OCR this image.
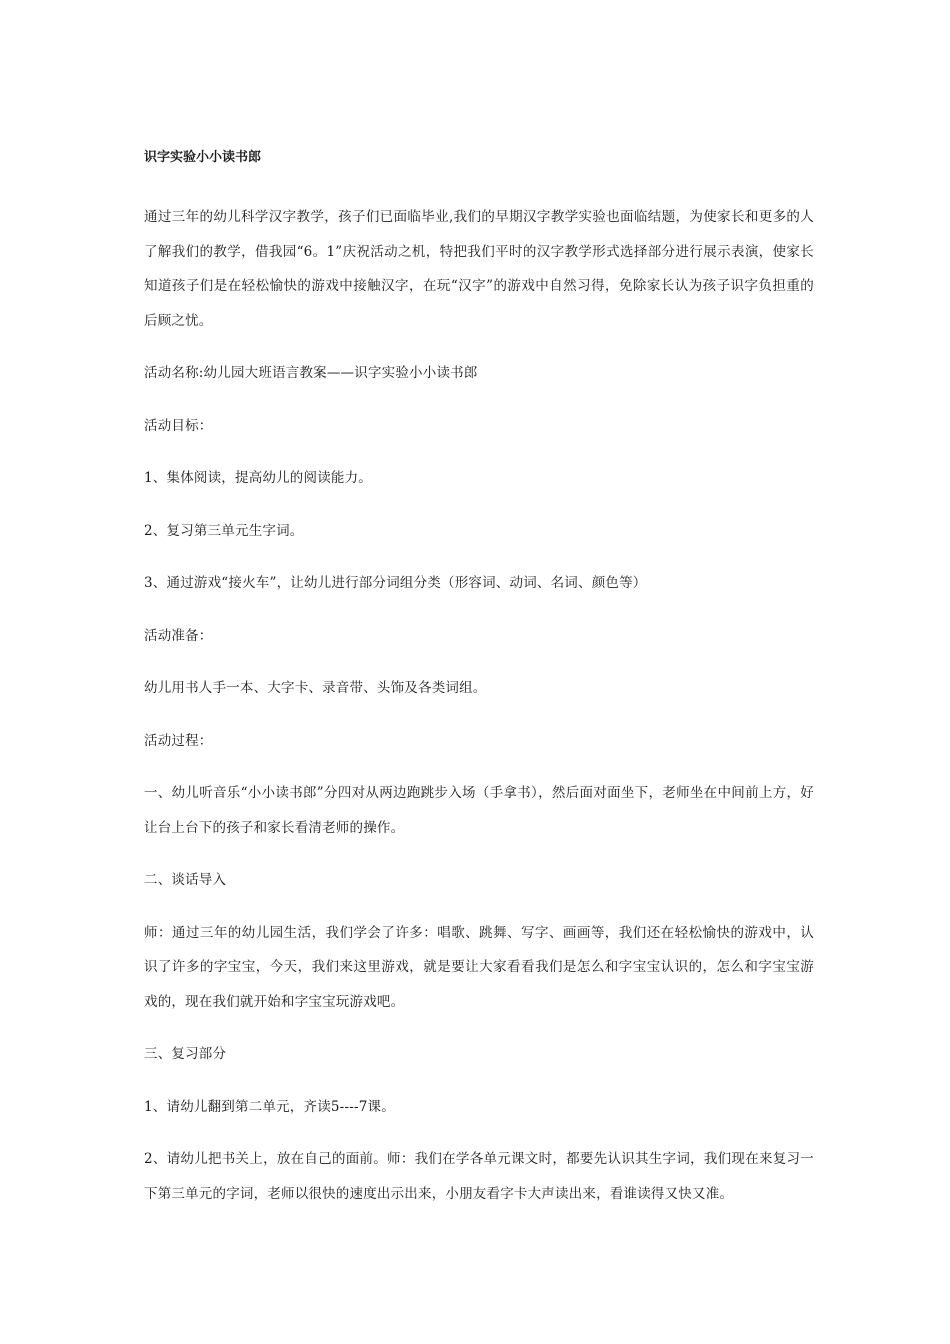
识字实验小小读书郎

通过三年的幼儿科学汉字教学，孩子们已面临毕业,我们的早期汉字教学实验也面临结题，为使家长和更多的人了解我们的教学，借我园“6。1”庆祝活动之机，特把我们平时的汉字教学形式选择部分进行展示表演，使家长知道孩子们是在轻松愉快的游戏中接触汉字，在玩“汉字”的游戏中自然习得，免除家长认为孩子识字负担重的后顾之忧。

活动名称:幼儿园大班语言教案——识字实验小小读书郎

活动目标：

1、集体阅读，提高幼儿的阅读能力。

2、复习第三单元生字词。

3、通过游戏“接火车”，让幼儿进行部分词组分类（形容词、动词、名词、颜色等）

活动准备：

幼儿用书人手一本、大字卡、录音带、头饰及各类词组。

活动过程：

一、幼儿听音乐“小小读书郎”分四对从两边跑跳步入场（手拿书），然后面对面坐下，老师坐在中间前上方，好让台上台下的孩子和家长看清老师的操作。

二、谈话导入

师：通过三年的幼儿园生活，我们学会了许多：唱歌、跳舞、写字、画画等，我们还在轻松愉快的游戏中，认识了许多的字宝宝，今天，我们来这里游戏，就是要让大家看看我们是怎么和字宝宝认识的，怎么和字宝宝游戏的，现在我们就开始和字宝宝玩游戏吧。

三、复习部分

1、请幼儿翻到第二单元，齐读5----7课。

2、请幼儿把书关上，放在自己的面前。师：我们在学各单元课文时，都要先认识其生字词，我们现在来复习一下第三单元的字词，老师以很快的速度出示出来，小朋友看字卡大声读出来，看谁读得又快又准。
